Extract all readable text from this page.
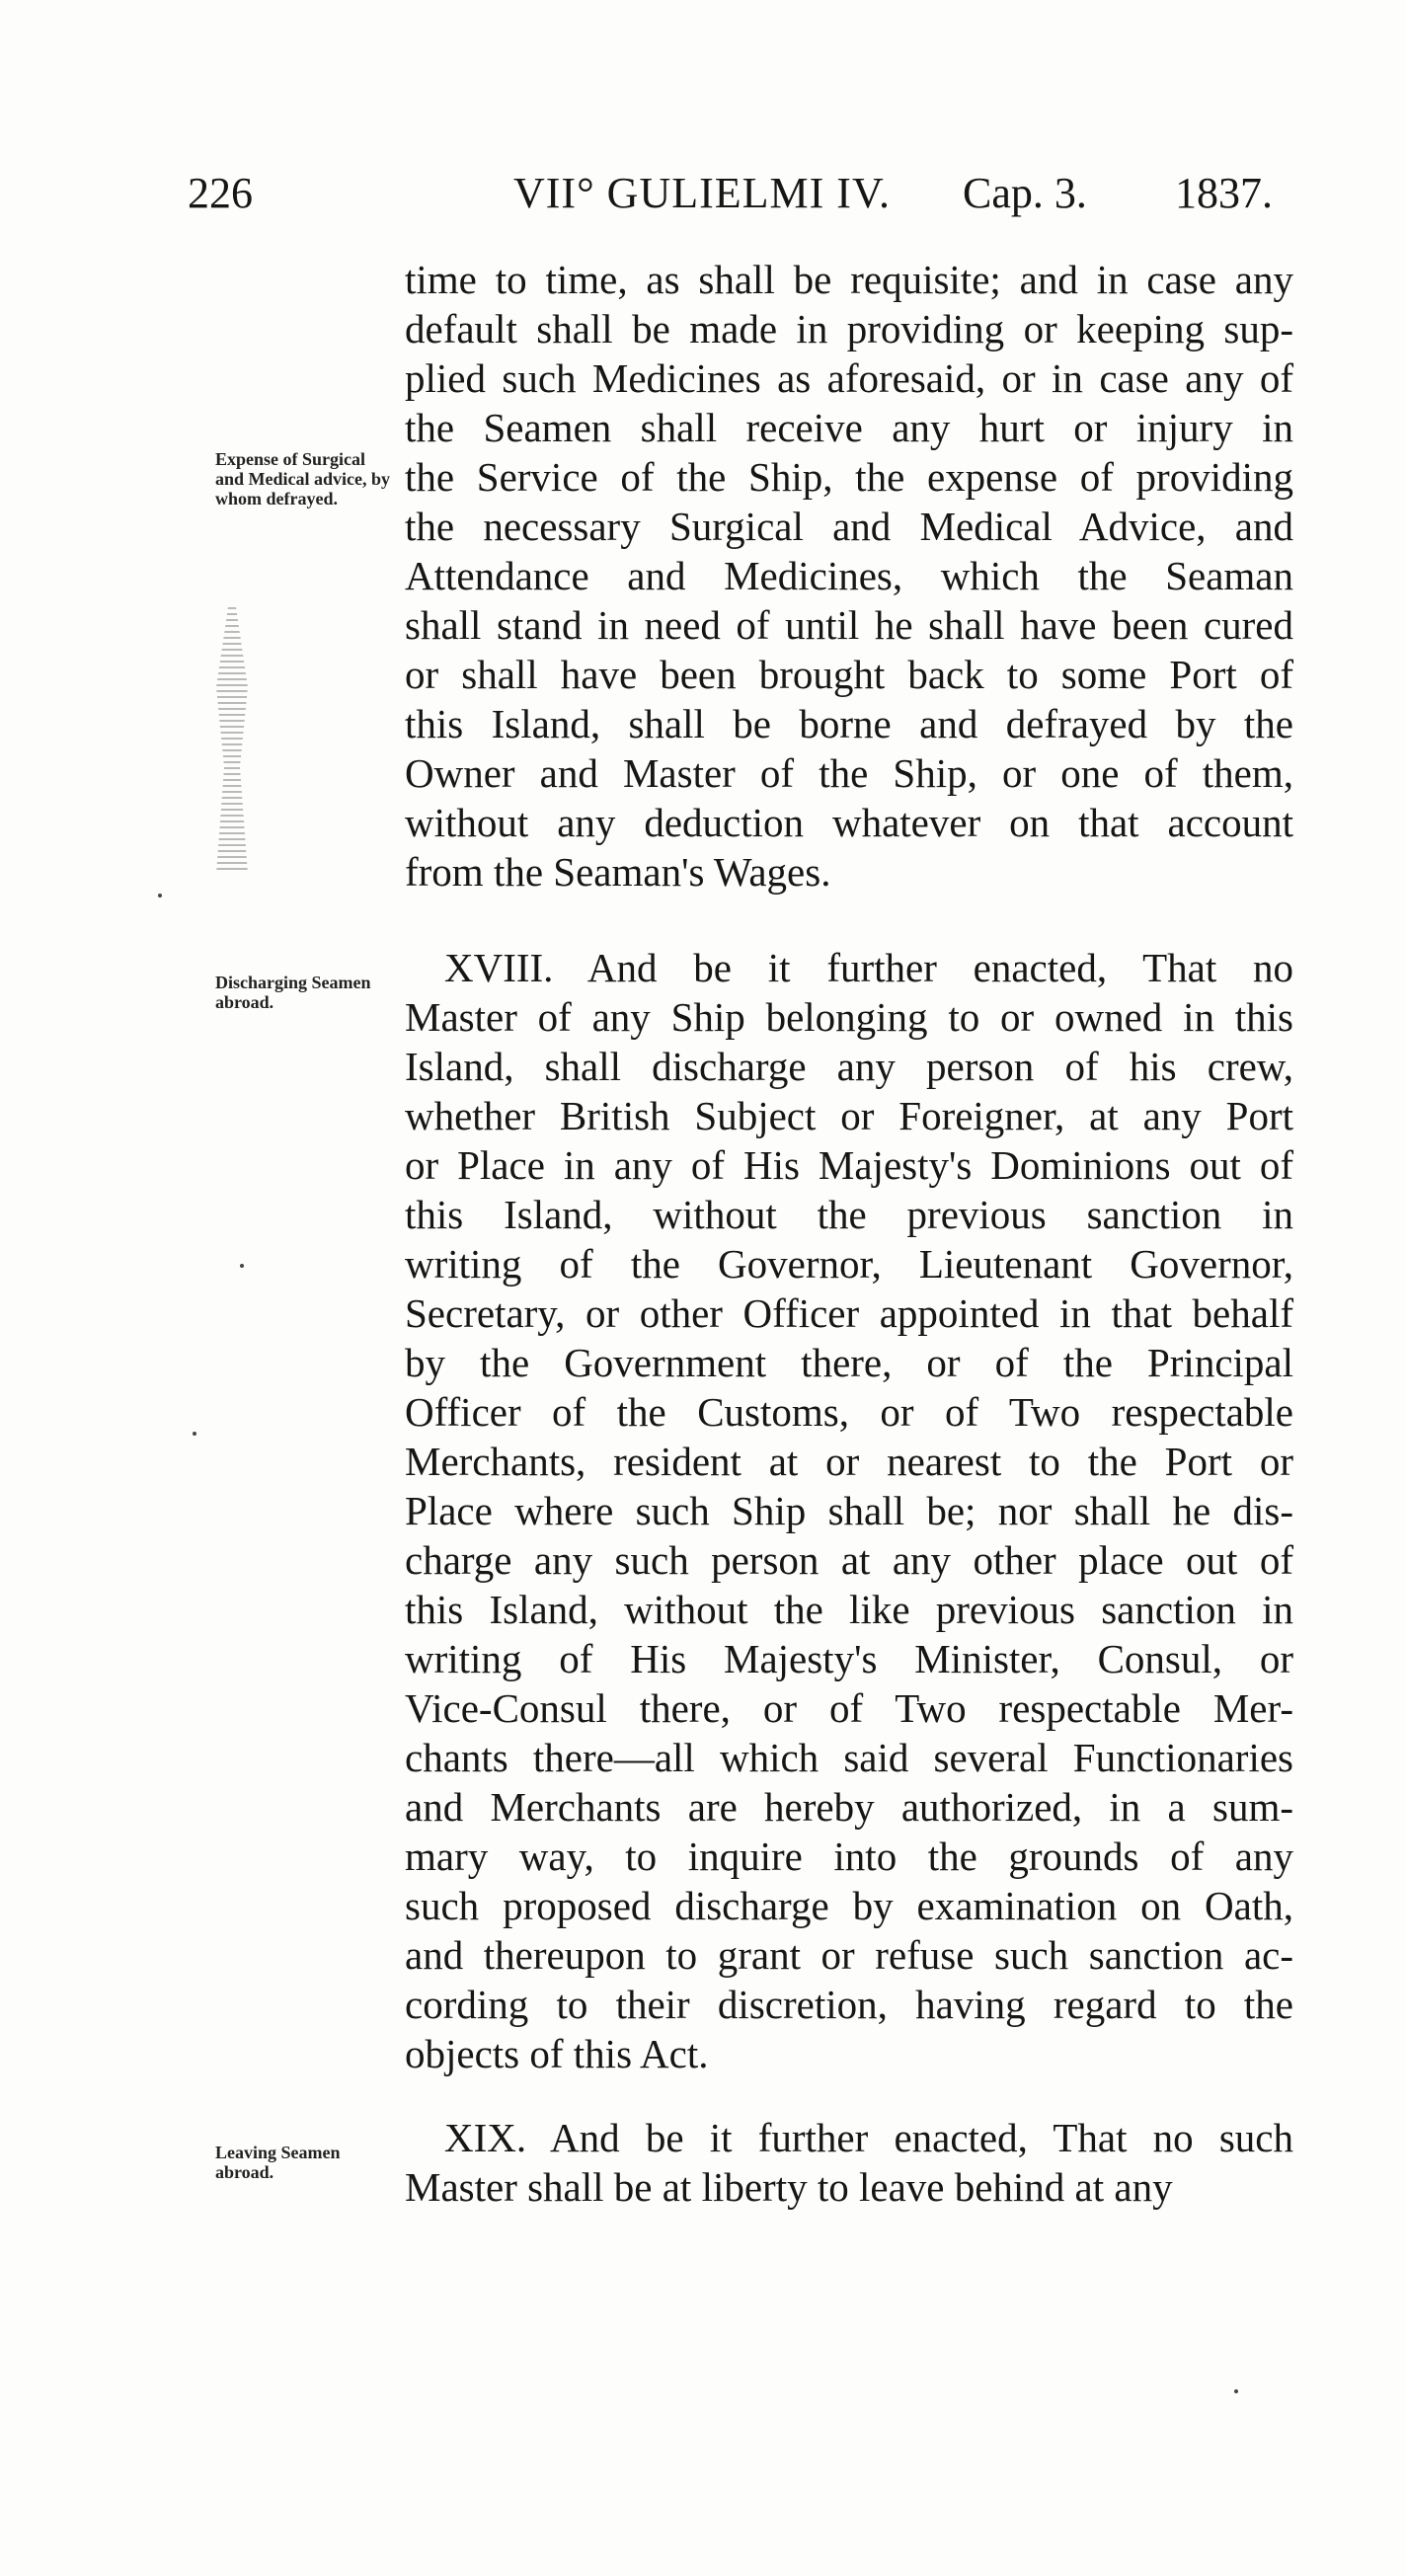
226	VII° GULIELMI IV. Cap. 3. 1837.
Expense of Surgical and Medical advice, by whom defrayed.
Discharging Seamen abroad.
Leaving Seamen abroad.
time to time, as shall be requisite; and in case any
default shall be made in providing or keeping sup-
plied such Medicines as aforesaid, or in case any of
the Seamen shall receive any hurt or injury in
the Service of the Ship, the expense of providing
the necessary Surgical and Medical Advice, and
Attendance and Medicines, which the Seaman
shall stand in need of until he shall have been cured
or shall have been brought back to some Port of
this Island, shall be borne and defrayed by the
Owner and Master of the Ship, or one of them,
without any deduction whatever on that account
from the Seaman's Wages.
XVIII. And be it further enacted, That no
Master of any Ship belonging to or owned in this
Island, shall discharge any person of his crew,
whether British Subject or Foreigner, at any Port
or Place in any of His Majesty's Dominions out of
this Island, without the previous sanction in
writing of the Governor, Lieutenant Governor,
Secretary, or other Officer appointed in that behalf
by the Government there, or of the Principal
Officer of the Customs, or of Two respectable
Merchants, resident at or nearest to the Port or
Place where such Ship shall be; nor shall he dis-
charge any such person at any other place out of
this Island, without the like previous sanction in
writing of His Majesty's Minister, Consul, or
Vice-Consul there, or of Two respectable Mer-
chants there—all which said several Functionaries
and Merchants are hereby authorized, in a sum-
mary way, to inquire into the grounds of any
such proposed discharge by examination on Oath,
and thereupon to grant or refuse such sanction ac-
cording to their discretion, having regard to the
objects of this Act.
XIX. And be it further enacted, That no such
Master shall be at liberty to leave behind at any
